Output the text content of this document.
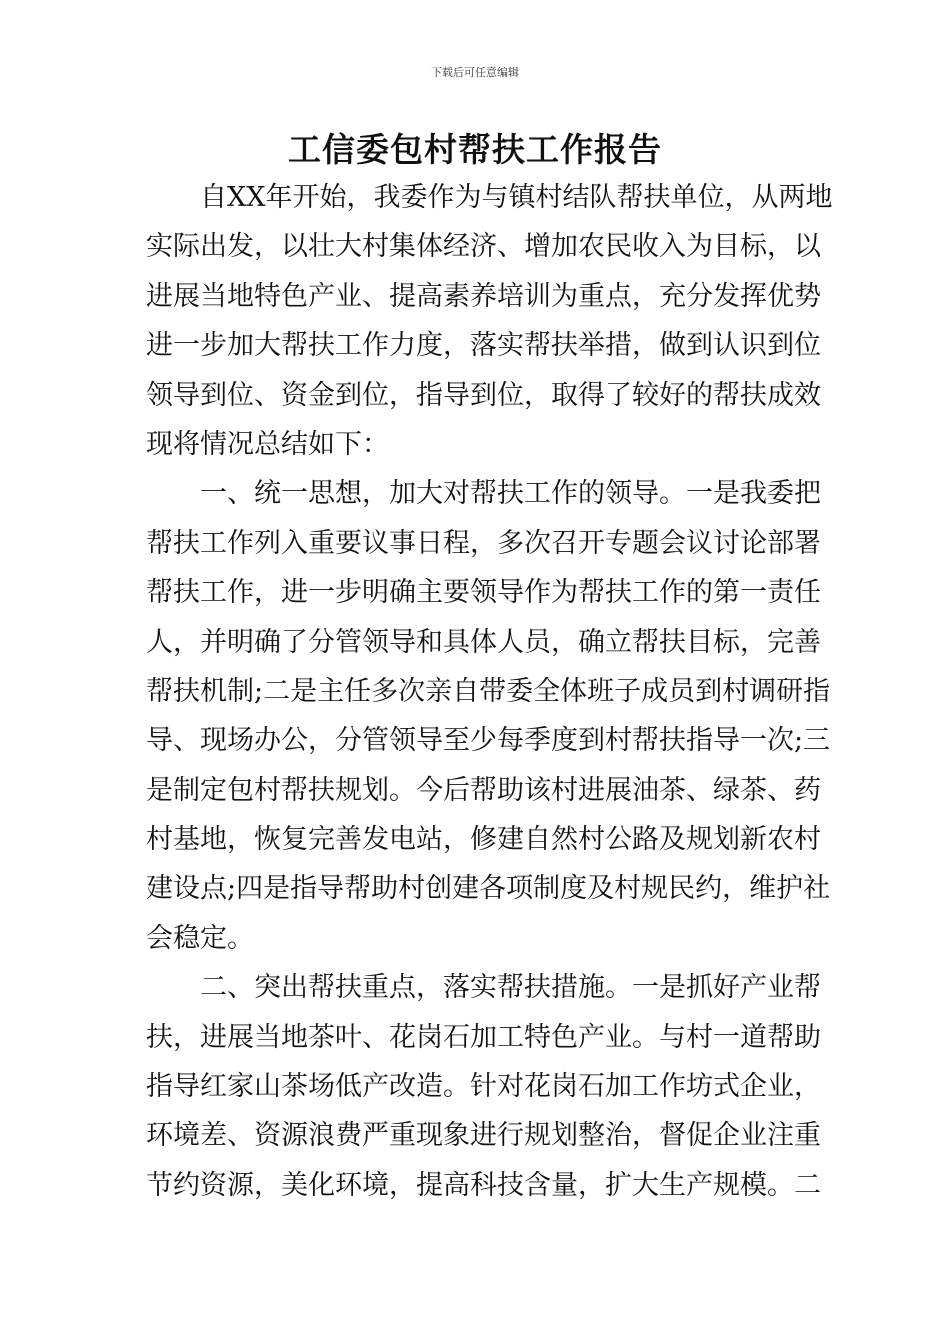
下载后可任意编辑
工信委包村帮扶工作报告
自XX年开始，我委作为与镇村结队帮扶单位，从两地
实际出发，以壮大村集体经济、增加农民收入为目标，以
进展当地特色产业、提高素养培训为重点，充分发挥优势
进一步加大帮扶工作力度，落实帮扶举措，做到认识到位
领导到位、资金到位，指导到位，取得了较好的帮扶成效
现将情况总结如下：
一、统一思想，加大对帮扶工作的领导。一是我委把
帮扶工作列入重要议事日程，多次召开专题会议讨论部署
帮扶工作，进一步明确主要领导作为帮扶工作的第一责任
人，并明确了分管领导和具体人员，确立帮扶目标，完善
帮扶机制;二是主任多次亲自带委全体班子成员到村调研指
导、现场办公，分管领导至少每季度到村帮扶指导一次;三
是制定包村帮扶规划。今后帮助该村进展油茶、绿茶、药
村基地，恢复完善发电站，修建自然村公路及规划新农村
建设点;四是指导帮助村创建各项制度及村规民约，维护社
会稳定。
二、突出帮扶重点，落实帮扶措施。一是抓好产业帮
扶，进展当地茶叶、花岗石加工特色产业。与村一道帮助
指导红家山茶场低产改造。针对花岗石加工作坊式企业，
环境差、资源浪费严重现象进行规划整治，督促企业注重
节约资源，美化环境，提高科技含量，扩大生产规模。二
